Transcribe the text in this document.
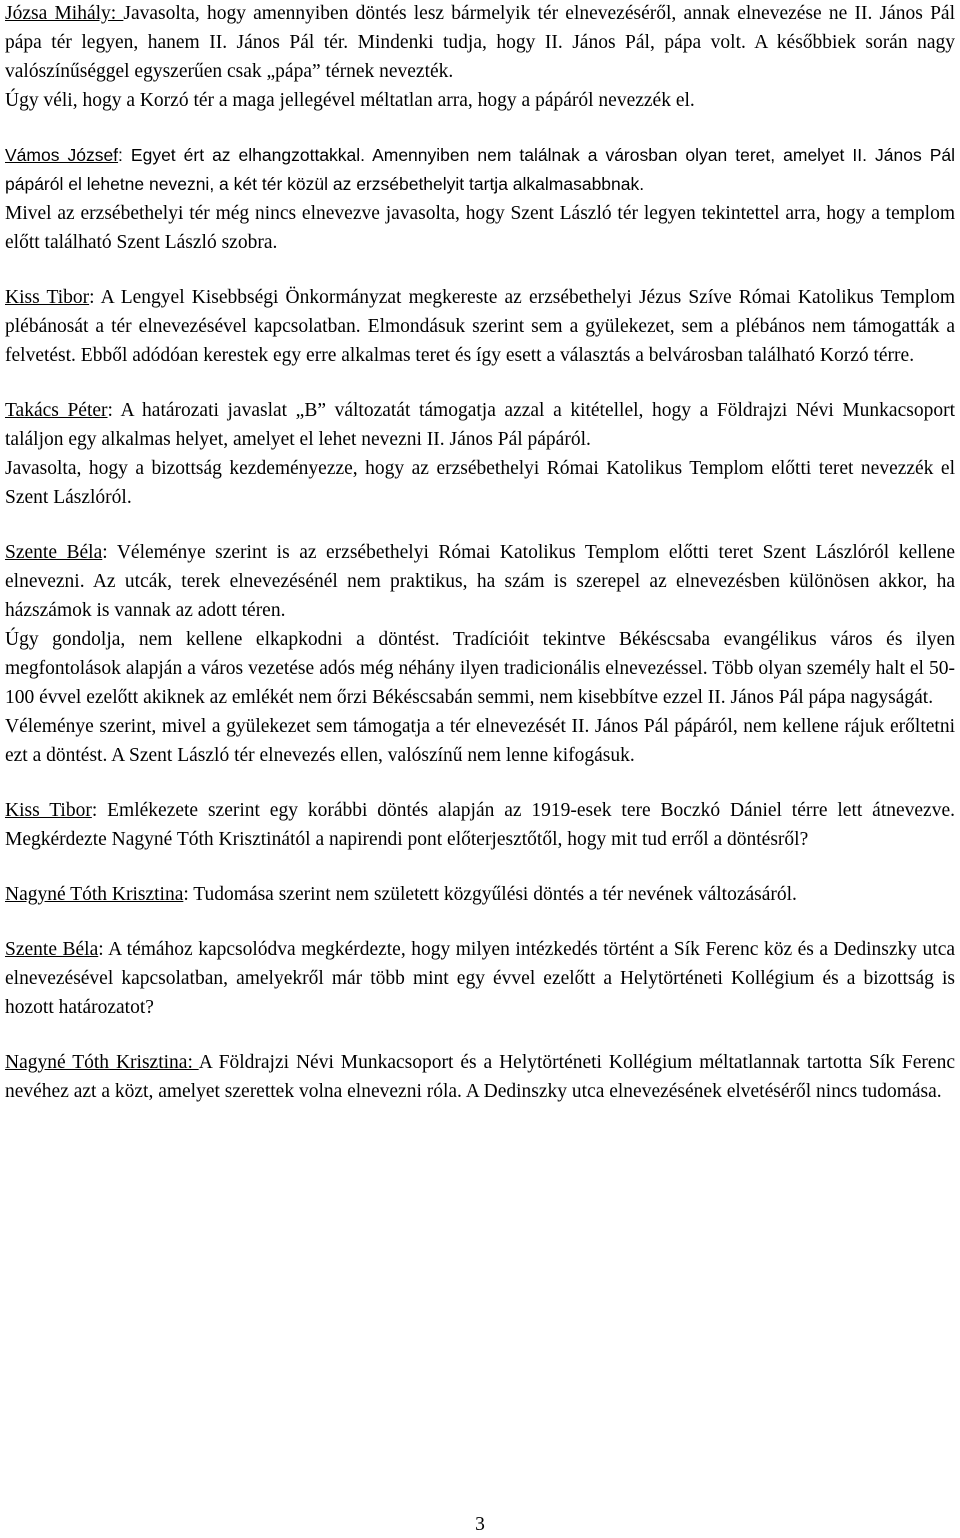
Józsa Mihály: Javasolta, hogy amennyiben döntés lesz bármelyik tér elnevezéséről, annak elnevezése ne II. János Pál pápa tér legyen, hanem II. János Pál tér. Mindenki tudja, hogy II. János Pál, pápa volt. A későbbiek során nagy valószínűséggel egyszerűen csak „pápa” térnek nevezték.
Úgy véli, hogy a Korzó tér a maga jellegével méltatlan arra, hogy a pápáról nevezzék el.

Vámos József: Egyet ért az elhangzottakkal. Amennyiben nem találnak a városban olyan teret, amelyet II. János Pál pápáról el lehetne nevezni, a két tér közül az erzsébethelyit tartja alkalmasabbnak.

Mivel az erzsébethelyi tér még nincs elnevezve javasolta, hogy Szent László tér legyen tekintettel arra, hogy a templom előtt található Szent László szobra.

Kiss Tibor: A Lengyel Kisebbségi Önkormányzat megkereste az erzsébethelyi Jézus Szíve Római Katolikus Templom plébánosát a tér elnevezésével kapcsolatban. Elmondásuk szerint sem a gyülekezet, sem a plébános nem támogatták a felvetést. Ebből adódóan kerestek egy erre alkalmas teret és így esett a választás a belvárosban található Korzó térre.

Takács Péter: A határozati javaslat „B” változatát támogatja azzal a kitétellel, hogy a Földrajzi Névi Munkacsoport találjon egy alkalmas helyet, amelyet el lehet nevezni II. János Pál pápáról.
Javasolta, hogy a bizottság kezdeményezze, hogy az erzsébethelyi Római Katolikus Templom előtti teret nevezzék el Szent Lászlóról.

Szente Béla: Véleménye szerint is az erzsébethelyi Római Katolikus Templom előtti teret Szent Lászlóról kellene elnevezni. Az utcák, terek elnevezésénél nem praktikus, ha szám is szerepel az elnevezésben különösen akkor, ha házszámok is vannak az adott téren.
Úgy gondolja, nem kellene elkapkodni a döntést. Tradícióit tekintve Békéscsaba evangélikus város és ilyen megfontolások alapján a város vezetése adós még néhány ilyen tradicionális elnevezéssel. Több olyan személy halt el 50-100 évvel ezelőtt akiknek az emlékét nem őrzi Békéscsabán semmi, nem kisebbítve ezzel II. János Pál pápa nagyságát.
Véleménye szerint, mivel a gyülekezet sem támogatja a tér elnevezését II. János Pál pápáról, nem kellene rájuk erőltetni ezt a döntést. A Szent László tér elnevezés ellen, valószínű nem lenne kifogásuk.

Kiss Tibor: Emlékezete szerint egy korábbi döntés alapján az 1919-esek tere Boczkó Dániel térre lett átnevezve. Megkérdezte Nagyné Tóth Krisztinától a napirendi pont előterjesztőtől, hogy mit tud erről a döntésről?

Nagyné Tóth Krisztina: Tudomása szerint nem született közgyűlési döntés a tér nevének változásáról.

Szente Béla: A témához kapcsolódva megkérdezte, hogy milyen intézkedés történt a Sík Ferenc köz és a Dedinszky utca elnevezésével kapcsolatban, amelyekről már több mint egy évvel ezelőtt a Helytörténeti Kollégium és a bizottság is hozott határozatot?

Nagyné Tóth Krisztina: A Földrajzi Névi Munkacsoport és a Helytörténeti Kollégium méltatlannak tartotta Sík Ferenc nevéhez azt a közt, amelyet szerettek volna elnevezni róla. A Dedinszky utca elnevezésének elvetéséről nincs tudomása.

3
